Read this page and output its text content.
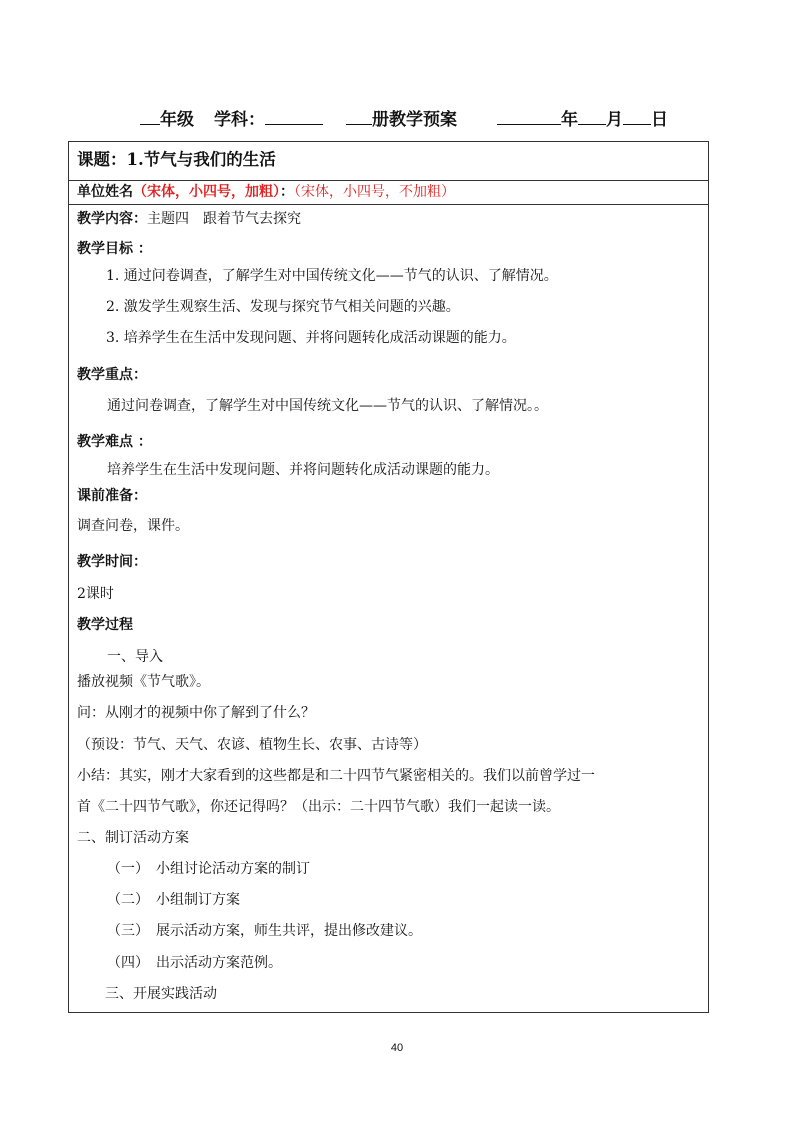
年级 学科：	册教学预案	年 月 日
课题：1.节气与我们的生活
单位姓名（宋体，小四号，加粗）：（宋体，小四号，不加粗）
教学内容：主题四　跟着节气去探究
教学目标 ：
1. 通过问卷调查，了解学生对中国传统文化——节气的认识、了解情况。
2. 激发学生观察生活、发现与探究节气相关问题的兴趣。
3. 培养学生在生活中发现问题、并将问题转化成活动课题的能力。
教学重点：
通过问卷调查，了解学生对中国传统文化——节气的认识、了解情况。。
教学难点 ：
培养学生在生活中发现问题、并将问题转化成活动课题的能力。
课前准备：
调查问卷，课件。
教学时间：
2课时
教学过程
一、导入
播放视频《节气歌》。
问：从刚才的视频中你了解到了什么？
（预设：节气、天气、农谚、植物生长、农事、古诗等）
小结：其实，刚才大家看到的这些都是和二十四节气紧密相关的。我们以前曾学过一
首《二十四节气歌》，你还记得吗？（出示：二十四节气歌）我们一起读一读。
二、制订活动方案
（一）　小组讨论活动方案的制订
（二）　小组制订方案
（三）　展示活动方案，师生共评，提出修改建议。
（四）　出示活动方案范例。
三、开展实践活动
40
